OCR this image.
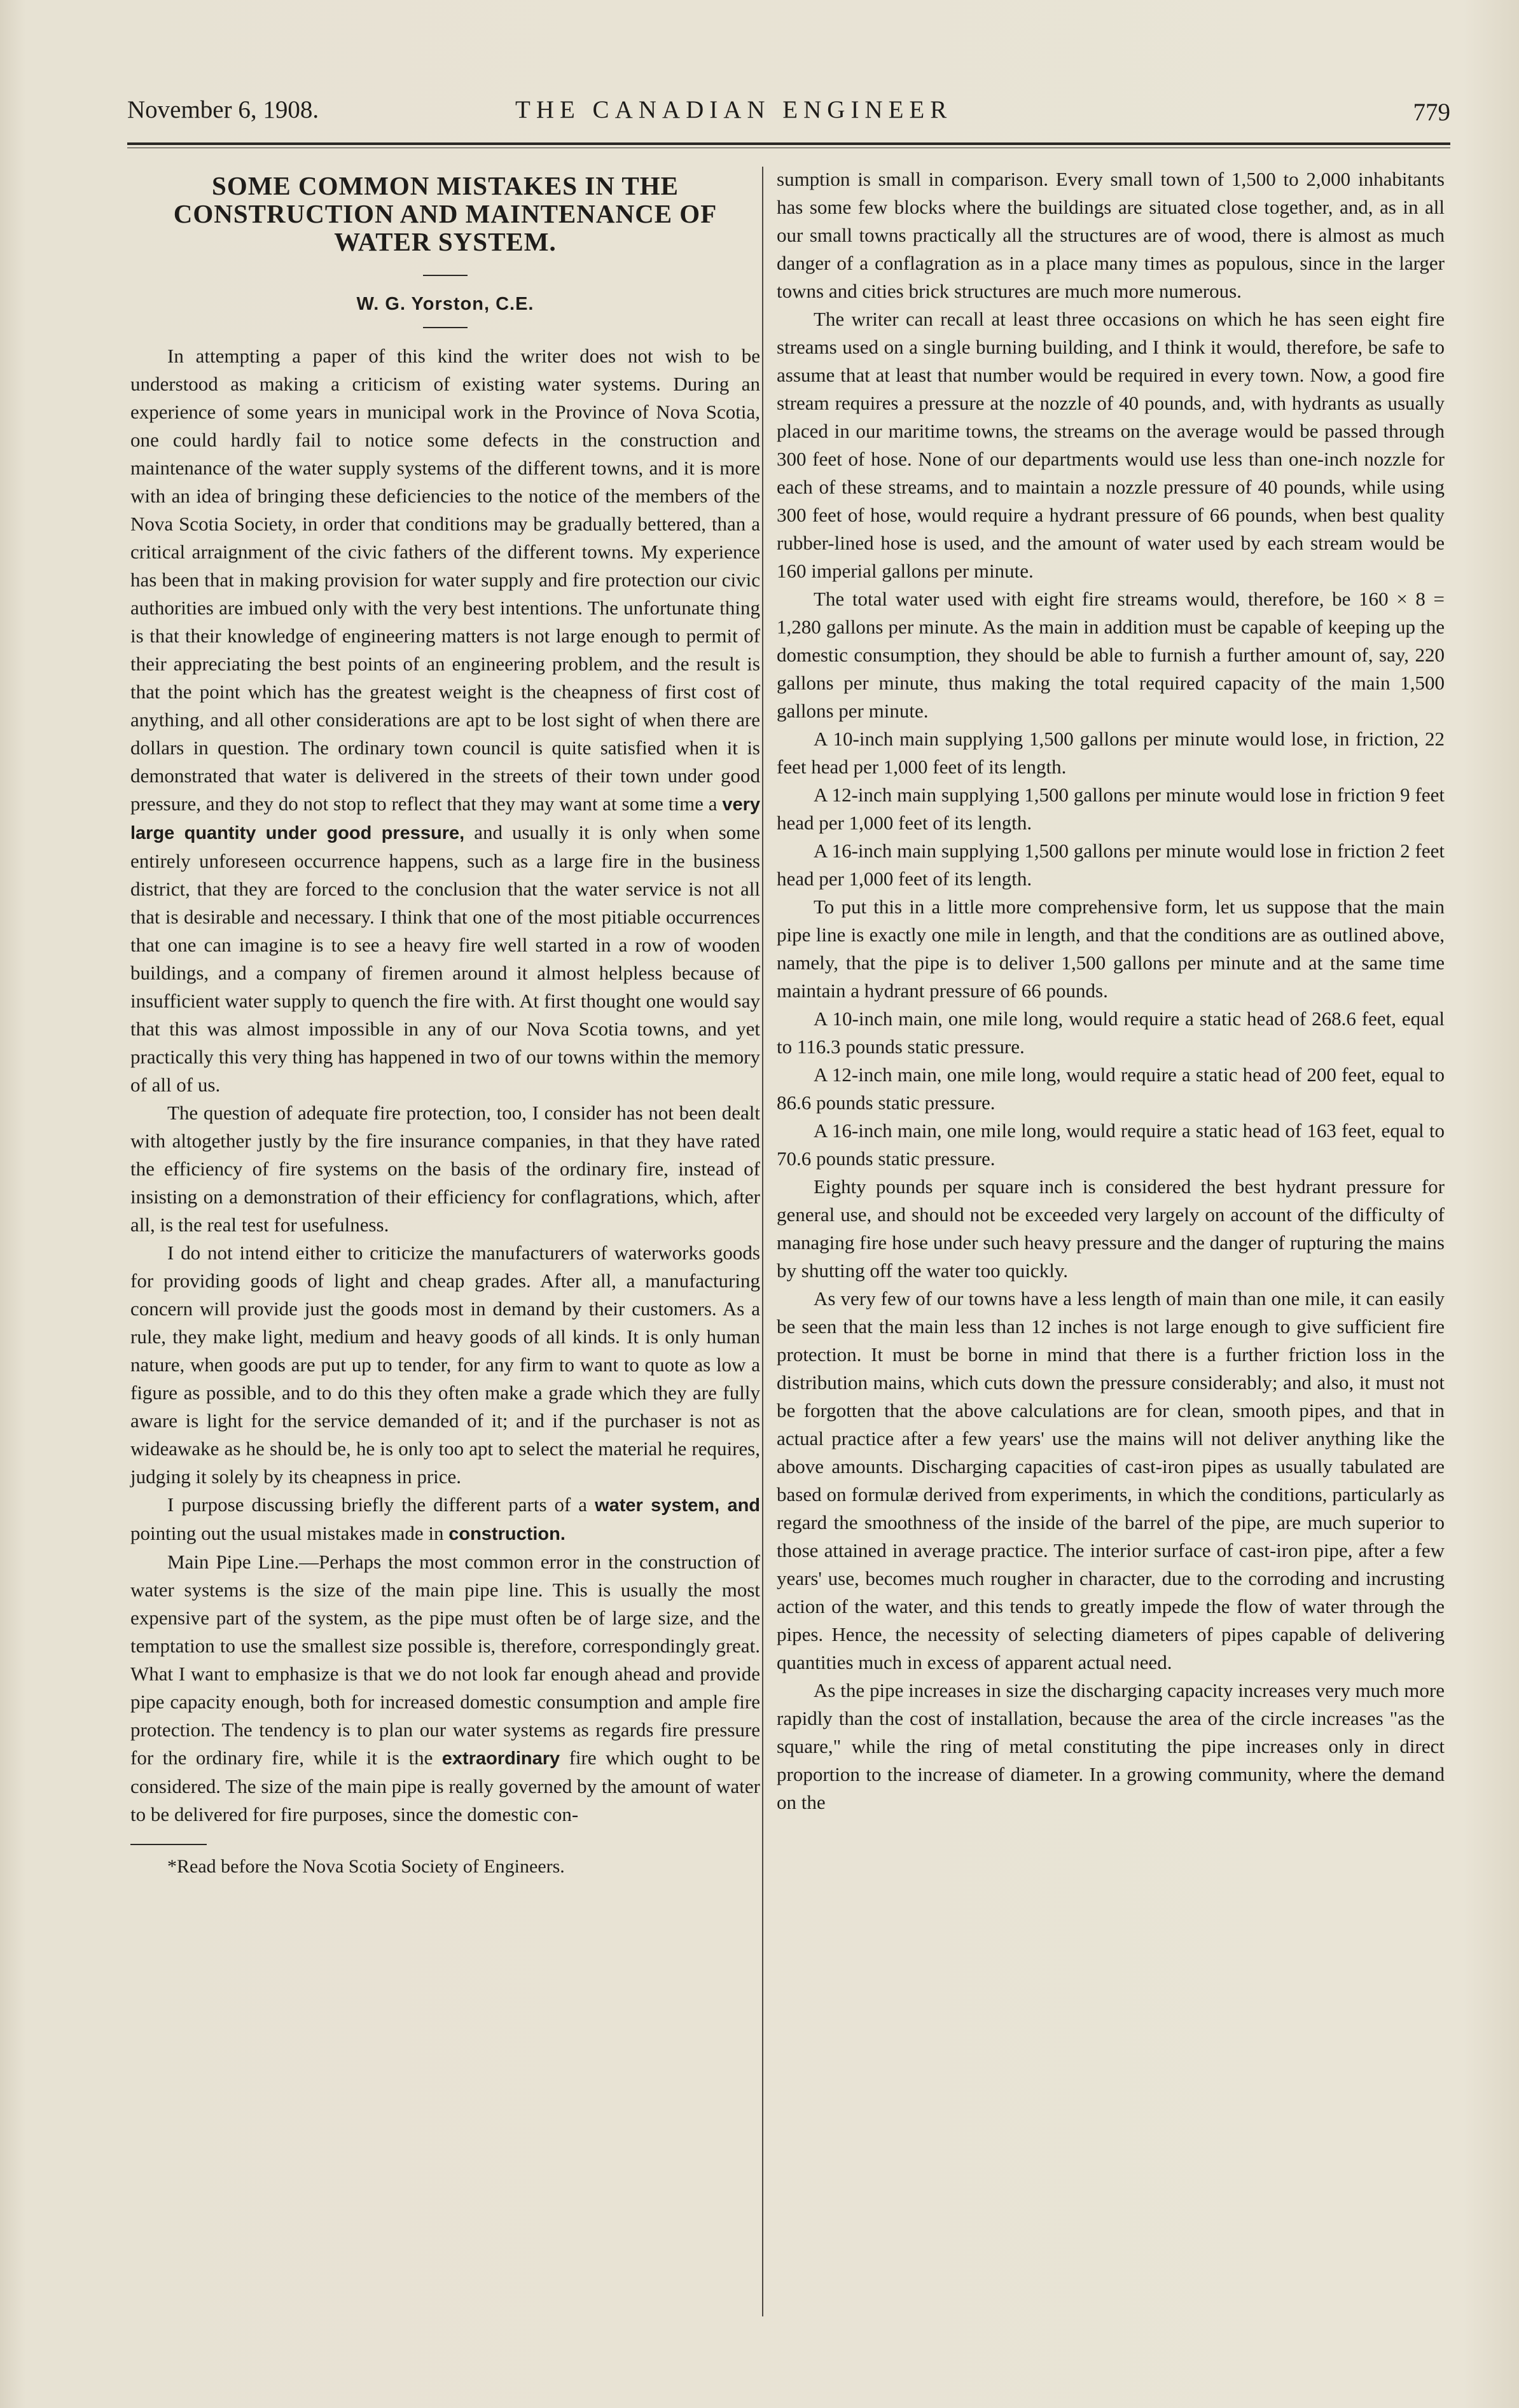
November 6, 1908.	THE CANADIAN ENGINEER	779
SOME COMMON MISTAKES IN THE CONSTRUCTION AND MAINTENANCE OF WATER SYSTEM.
W. G. Yorston, C.E.

In attempting a paper of this kind the writer does not wish to be understood as making a criticism of existing water systems. During an experience of some years in municipal work in the Province of Nova Scotia, one could hardly fail to notice some defects in the construction and maintenance of the water supply systems of the different towns, and it is more with an idea of bringing these deficiencies to the notice of the members of the Nova Scotia Society, in order that conditions may be gradually bettered, than a critical arraignment of the civic fathers of the different towns. My experience has been that in making provision for water supply and fire protection our civic authorities are imbued only with the very best intentions. The unfortunate thing is that their knowledge of engineering matters is not large enough to permit of their appreciating the best points of an engineering problem, and the result is that the point which has the greatest weight is the cheapness of first cost of anything, and all other considerations are apt to be lost sight of when there are dollars in question. The ordinary town council is quite satisfied when it is demonstrated that water is delivered in the streets of their town under good pressure, and they do not stop to reflect that they may want at some time a very large quantity under good pressure, and usually it is only when some entirely unforeseen occurrence happens, such as a large fire in the business district, that they are forced to the conclusion that the water service is not all that is desirable and necessary. I think that one of the most pitiable occurrences that one can imagine is to see a heavy fire well started in a row of wooden buildings, and a company of firemen around it almost helpless because of insufficient water supply to quench the fire with. At first thought one would say that this was almost impossible in any of our Nova Scotia towns, and yet practically this very thing has happened in two of our towns within the memory of all of us.

The question of adequate fire protection, too, I consider has not been dealt with altogether justly by the fire insurance companies, in that they have rated the efficiency of fire systems on the basis of the ordinary fire, instead of insisting on a demonstration of their efficiency for conflagrations, which, after all, is the real test for usefulness.

I do not intend either to criticize the manufacturers of waterworks goods for providing goods of light and cheap grades. After all, a manufacturing concern will provide just the goods most in demand by their customers. As a rule, they make light, medium and heavy goods of all kinds. It is only human nature, when goods are put up to tender, for any firm to want to quote as low a figure as possible, and to do this they often make a grade which they are fully aware is light for the service demanded of it; and if the purchaser is not as wideawake as he should be, he is only too apt to select the material he requires, judging it solely by its cheapness in price.

I purpose discussing briefly the different parts of a water system, and pointing out the usual mistakes made in construction.

Main Pipe Line.—Perhaps the most common error in the construction of water systems is the size of the main pipe line. This is usually the most expensive part of the system, as the pipe must often be of large size, and the temptation to use the smallest size possible is, therefore, correspondingly great. What I want to emphasize is that we do not look far enough ahead and provide pipe capacity enough, both for increased domestic consumption and ample fire protection. The tendency is to plan our water systems as regards fire pressure for the ordinary fire, while it is the extraordinary fire which ought to be considered. The size of the main pipe is really governed by the amount of water to be delivered for fire purposes, since the domestic con-

*Read before the Nova Scotia Society of Engineers.

sumption is small in comparison. Every small town of 1,500 to 2,000 inhabitants has some few blocks where the buildings are situated close together, and, as in all our small towns practically all the structures are of wood, there is almost as much danger of a conflagration as in a place many times as populous, since in the larger towns and cities brick structures are much more numerous.

The writer can recall at least three occasions on which he has seen eight fire streams used on a single burning building, and I think it would, therefore, be safe to assume that at least that number would be required in every town. Now, a good fire stream requires a pressure at the nozzle of 40 pounds, and, with hydrants as usually placed in our maritime towns, the streams on the average would be passed through 300 feet of hose. None of our departments would use less than one-inch nozzle for each of these streams, and to maintain a nozzle pressure of 40 pounds, while using 300 feet of hose, would require a hydrant pressure of 66 pounds, when best quality rubber-lined hose is used, and the amount of water used by each stream would be 160 imperial gallons per minute.

The total water used with eight fire streams would, therefore, be 160 × 8 = 1,280 gallons per minute. As the main in addition must be capable of keeping up the domestic consumption, they should be able to furnish a further amount of, say, 220 gallons per minute, thus making the total required capacity of the main 1,500 gallons per minute.

A 10-inch main supplying 1,500 gallons per minute would lose, in friction, 22 feet head per 1,000 feet of its length.

A 12-inch main supplying 1,500 gallons per minute would lose in friction 9 feet head per 1,000 feet of its length.

A 16-inch main supplying 1,500 gallons per minute would lose in friction 2 feet head per 1,000 feet of its length.

To put this in a little more comprehensive form, let us suppose that the main pipe line is exactly one mile in length, and that the conditions are as outlined above, namely, that the pipe is to deliver 1,500 gallons per minute and at the same time maintain a hydrant pressure of 66 pounds.

A 10-inch main, one mile long, would require a static head of 268.6 feet, equal to 116.3 pounds static pressure.

A 12-inch main, one mile long, would require a static head of 200 feet, equal to 86.6 pounds static pressure.

A 16-inch main, one mile long, would require a static head of 163 feet, equal to 70.6 pounds static pressure.

Eighty pounds per square inch is considered the best hydrant pressure for general use, and should not be exceeded very largely on account of the difficulty of managing fire hose under such heavy pressure and the danger of rupturing the mains by shutting off the water too quickly.

As very few of our towns have a less length of main than one mile, it can easily be seen that the main less than 12 inches is not large enough to give sufficient fire protection. It must be borne in mind that there is a further friction loss in the distribution mains, which cuts down the pressure considerably; and also, it must not be forgotten that the above calculations are for clean, smooth pipes, and that in actual practice after a few years' use the mains will not deliver anything like the above amounts. Discharging capacities of cast-iron pipes as usually tabulated are based on formulæ derived from experiments, in which the conditions, particularly as regard the smoothness of the inside of the barrel of the pipe, are much superior to those attained in average practice. The interior surface of cast-iron pipe, after a few years' use, becomes much rougher in character, due to the corroding and incrusting action of the water, and this tends to greatly impede the flow of water through the pipes. Hence, the necessity of selecting diameters of pipes capable of delivering quantities much in excess of apparent actual need.

As the pipe increases in size the discharging capacity increases very much more rapidly than the cost of installation, because the area of the circle increases "as the square," while the ring of metal constituting the pipe increases only in direct proportion to the increase of diameter. In a growing community, where the demand on the
